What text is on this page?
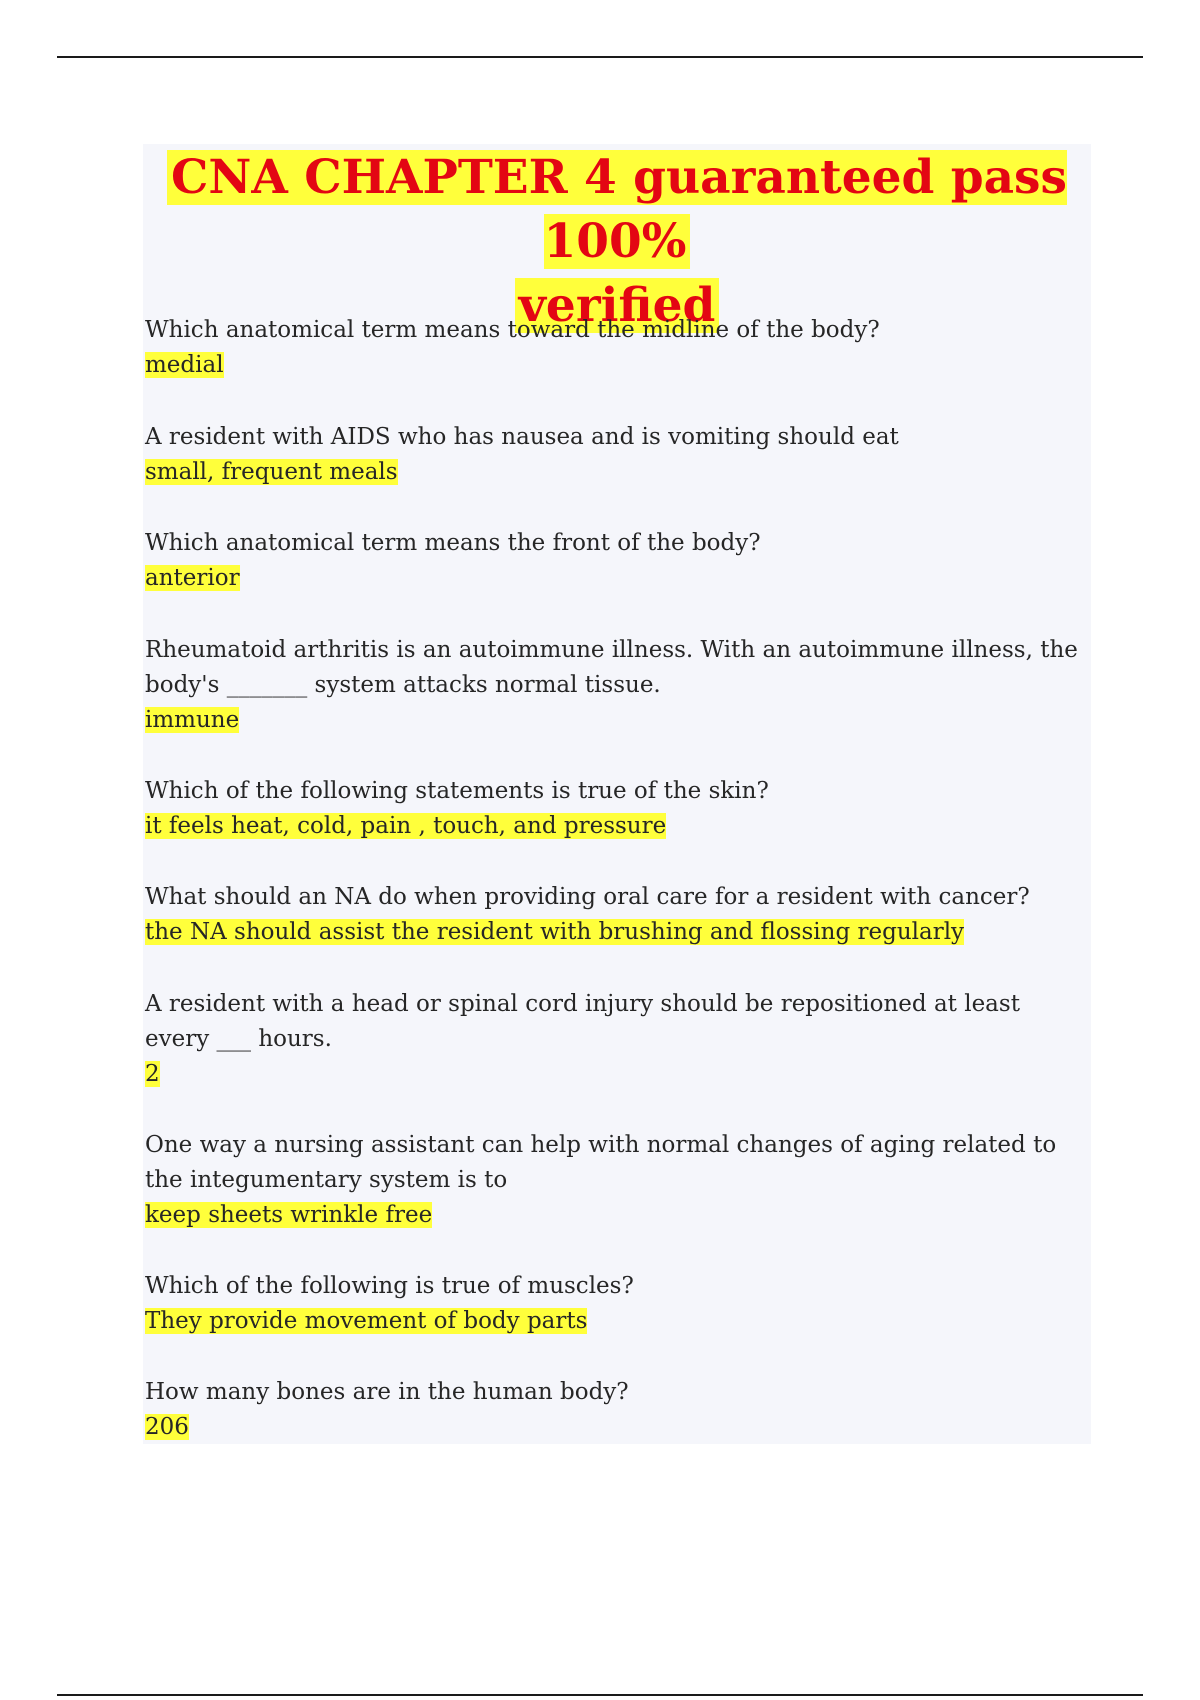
CNA CHAPTER 4 guaranteed pass 100%
verified

Which anatomical term means toward the midline of the body?

medial

A resident with AIDS who has nausea and is vomiting should eat

small, frequent meals

Which anatomical term means the front of the body?

anterior

Rheumatoid arthritis is an autoimmune illness. With an autoimmune illness, the body's _______ system attacks normal tissue.

immune

Which of the following statements is true of the skin?

it feels heat, cold, pain , touch, and pressure

What should an NA do when providing oral care for a resident with cancer?

the NA should assist the resident with brushing and flossing regularly

A resident with a head or spinal cord injury should be repositioned at least every ___ hours.

2

One way a nursing assistant can help with normal changes of aging related to the integumentary system is to

keep sheets wrinkle free

Which of the following is true of muscles?

They provide movement of body parts

How many bones are in the human body?

206
